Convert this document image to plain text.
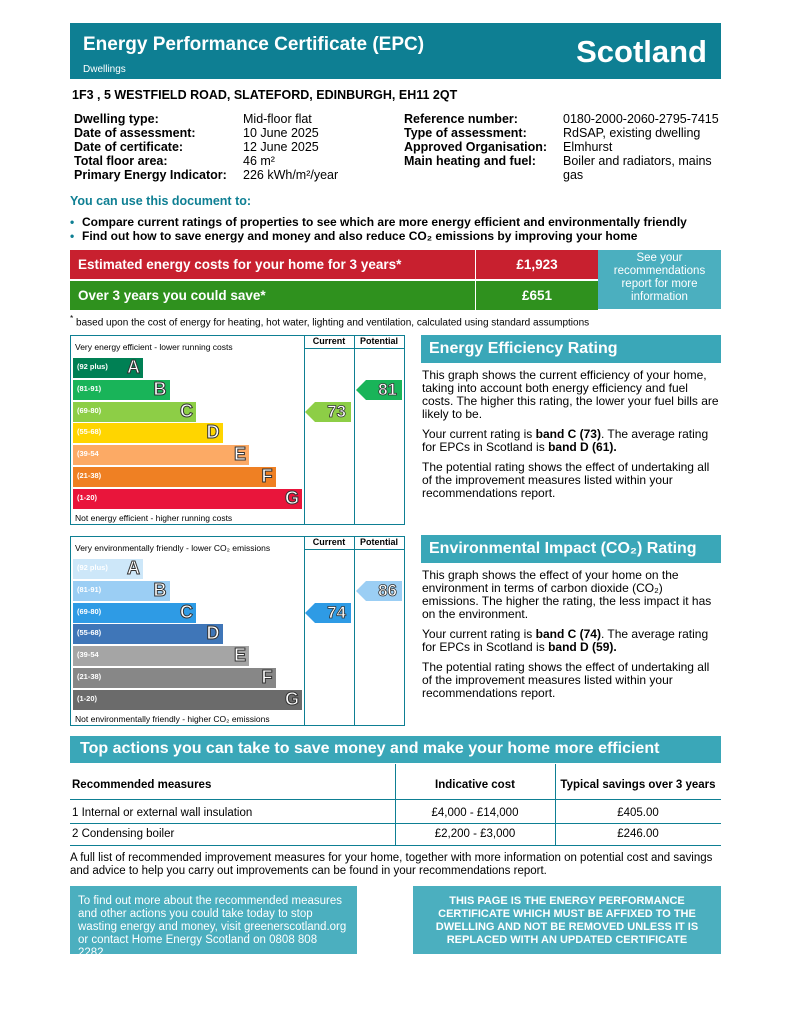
Energy Performance Certificate (EPC)
Dwellings
Scotland
1F3 , 5 WESTFIELD ROAD, SLATEFORD, EDINBURGH, EH11 2QT
Dwelling type:	Mid-floor flat
Date of assessment:	10 June 2025
Date of certificate:	12 June 2025
Total floor area:	46 m²
Primary Energy Indicator: 226 kWh/m²/year
Reference number:	0180-2000-2060-2795-7415
Type of assessment:	RdSAP, existing dwelling
Approved Organisation: Elmhurst
Main heating and fuel: Boiler and radiators, mains
gas
You can use this document to:
• Compare current ratings of properties to see which are more energy efficient and environmentally friendly
• Find out how to save energy and money and also reduce CO₂ emissions by improving your home
Estimated energy costs for your home for 3 years*	£1,923
Over 3 years you could save*	£651
See your recommendations report for more information
* based upon the cost of energy for heating, hot water, lighting and ventilation, calculated using standard assumptions
Current	Potential
Very energy efficient - lower running costs
Not energy efficient - higher running costs
(92 plus) A
(81-91)	B
(69-80)	C
(55-68)	D
(39-54	E
(21-38)	F
(1-20)	G
73
81
Energy Efficiency Rating

This graph shows the current efficiency of your home, taking into account both energy efficiency and fuel costs. The higher this rating, the lower your fuel bills are likely to be.

Your current rating is band C (73). The average rating for EPCs in Scotland is band D (61).

The potential rating shows the effect of undertaking all of the improvement measures listed within your recommendations report.

Current	Potential
Very environmentally friendly - lower CO₂ emissions
Not environmentally friendly - higher CO₂ emissions
(92 plus) A
(81-91)	B
(69-80)	C
(55-68)	D
(39-54	E
(21-38)	F
(1-20)	G
74
86
Environmental Impact (CO₂) Rating

This graph shows the effect of your home on the environment in terms of carbon dioxide (CO₂) emissions. The higher the rating, the less impact it has on the environment.

Your current rating is band C (74). The average rating for EPCs in Scotland is band D (59).

The potential rating shows the effect of undertaking all of the improvement measures listed within your recommendations report.

Top actions you can take to save money and make your home more efficient
Recommended measures	Indicative cost	Typical savings over 3 years
1 Internal or external wall insulation	£4,000 - £14,000	£405.00
2 Condensing boiler	£2,200 - £3,000	£246.00
A full list of recommended improvement measures for your home, together with more information on potential cost and savings and advice to help you carry out improvements can be found in your recommendations report.
To find out more about the recommended measures and other actions you could take today to stop wasting energy and money, visit greenerscotland.org or contact Home Energy Scotland on 0808 808 2282.
THIS PAGE IS THE ENERGY PERFORMANCE CERTIFICATE WHICH MUST BE AFFIXED TO THE DWELLING AND NOT BE REMOVED UNLESS IT IS REPLACED WITH AN UPDATED CERTIFICATE
